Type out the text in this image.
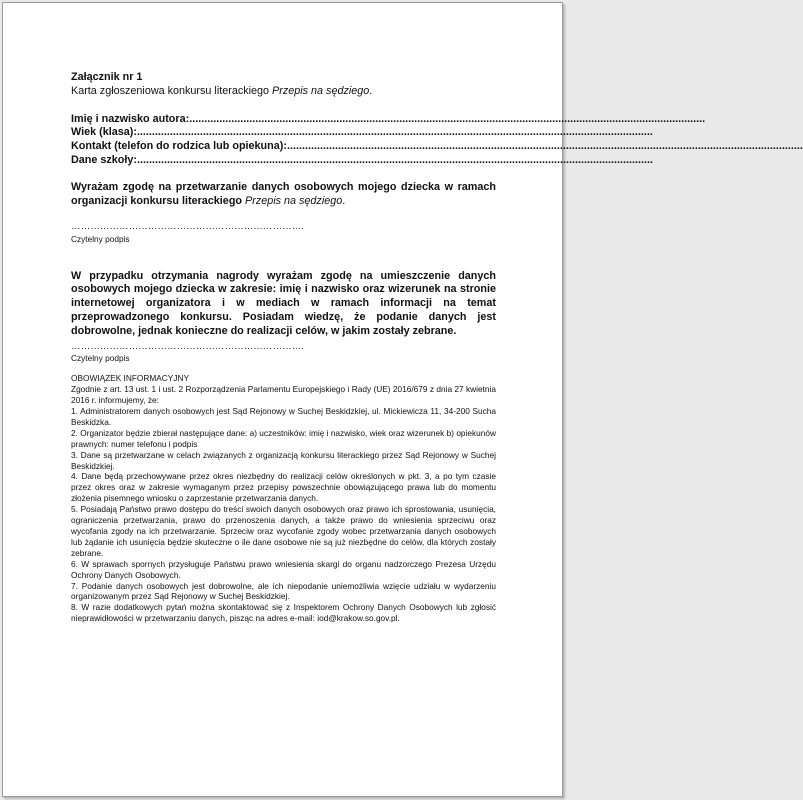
Załącznik nr 1

Karta zgłoszeniowa konkursu literackiego Przepis na sędziego.

Imię i nazwisko autora:
.....
Wiek (klasa):
.....
Kontakt (telefon do rodzica lub opiekuna):
.....
Dane szkoły:
.....

Wyrażam zgodę na przetwarzanie danych osobowych mojego dziecka w ramach organizacji konkursu literackiego Przepis na sędziego.

……………………………………………………………….

Czytelny podpis

W przypadku otrzymania nagrody wyrażam zgodę na umieszczenie danych osobowych mojego dziecka w zakresie: imię i nazwisko oraz wizerunek na stronie internetowej organizatora i w mediach w ramach informacji na temat przeprowadzonego konkursu. Posiadam wiedzę, że podanie danych jest dobrowolne, jednak konieczne do realizacji celów, w jakim zostały zebrane.

……………………………………………………………….

Czytelny podpis

OBOWIĄZEK INFORMACYJNY

Zgodnie z art. 13 ust. 1 i ust. 2 Rozporządzenia Parlamentu Europejskiego i Rady (UE) 2016/679 z dnia 27 kwietnia 2016 r. informujemy, że:

1. Administratorem danych osobowych jest Sąd Rejonowy w Suchej Beskidzkiej, ul. Mickiewicza 11, 34-200 Sucha Beskidzka.

2. Organizator będzie zbierał następujące dane: a) uczestników: imię i nazwisko, wiek oraz wizerunek b) opiekunów prawnych: numer telefonu i podpis

3. Dane są przetwarzane w celach związanych z organizacją konkursu literackiego przez Sąd Rejonowy w Suchej Beskidzkiej.

4. Dane będą przechowywane przez okres niezbędny do realizacji celów określonych w pkt. 3, a po tym czasie przez okres oraz w zakresie wymaganym przez przepisy powszechnie obowiązującego prawa lub do momentu złożenia pisemnego wniosku o zaprzestanie przetwarzania danych.

5. Posiadają Państwo prawo dostępu do treści swoich danych osobowych oraz prawo ich sprostowania, usunięcia, ograniczenia przetwarzania, prawo do przenoszenia danych, a także prawo do wniesienia sprzeciwu oraz wycofania zgody na ich przetwarzanie. Sprzeciw oraz wycofanie zgody wobec przetwarzania danych osobowych lub żądanie ich usunięcia będzie skuteczne o ile dane osobowe nie są już niezbędne do celów, dla których zostały zebrane.

6. W sprawach spornych przysługuje Państwu prawo wniesienia skargi do organu nadzorczego Prezesa Urzędu Ochrony Danych Osobowych.

7. Podanie danych osobowych jest dobrowolne, ale ich niepodanie uniemożliwia wzięcie udziału w wydarzeniu organizowanym przez Sąd Rejonowy w Suchej Beskidzkiej.

8. W razie dodatkowych pytań można skontaktować się z Inspektorem Ochrony Danych Osobowych lub zgłosić nieprawidłowości w przetwarzaniu danych, pisząc na adres e-mail: iod@krakow.so.gov.pl.
